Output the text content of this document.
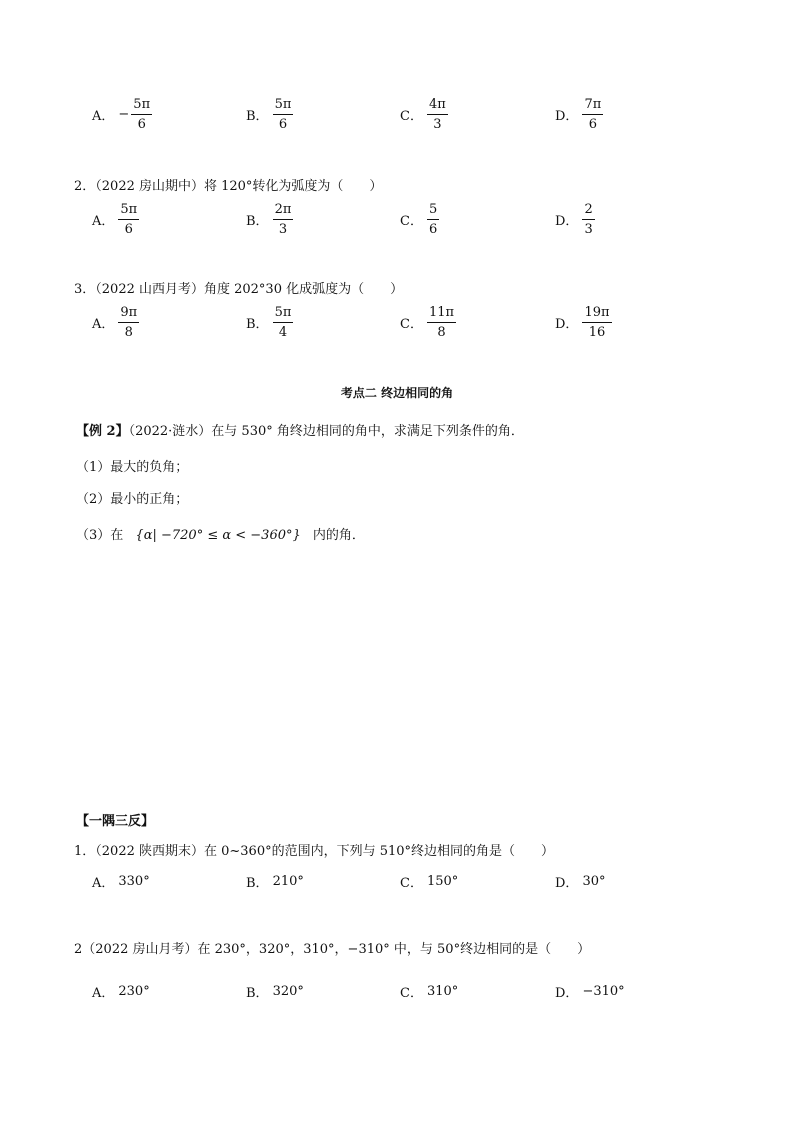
A． − $\frac{5\pi}{6}$	B． $\frac{5\pi}{6}$	C． $\frac{4\pi}{3}$	D． $\frac{7\pi}{6}$
2．（2022 房山期中）将 120°转化为弧度为（　　）
A． $\frac{5\pi}{6}$	B． $\frac{2\pi}{3}$	C． $\frac{5}{6}$	D． $\frac{2}{3}$
3．（2022 山西月考）角度 202°30 化成弧度为（　　）
A． $\frac{9\pi}{8}$	B． $\frac{5\pi}{4}$	C． $\frac{11\pi}{8}$	D． $\frac{19\pi}{16}$
考点二 终边相同的角
【例 2】（2022·涟水）在与 530° 角终边相同的角中，求满足下列条件的角．
（1）最大的负角；
（2）最小的正角；
（3）在 {α| −720° ≤ α < −360°} 内的角．
【一隅三反】
1．（2022 陕西期末）在 0~360°的范围内，下列与 510°终边相同的角是（　　）
A． 330°	B． 210°	C． 150°	D． 30°
2（2022 房山月考）在 230°，320°，310°，−310° 中，与 50°终边相同的是（　　）
A． 230°	B． 320°	C． 310°	D． −310°
